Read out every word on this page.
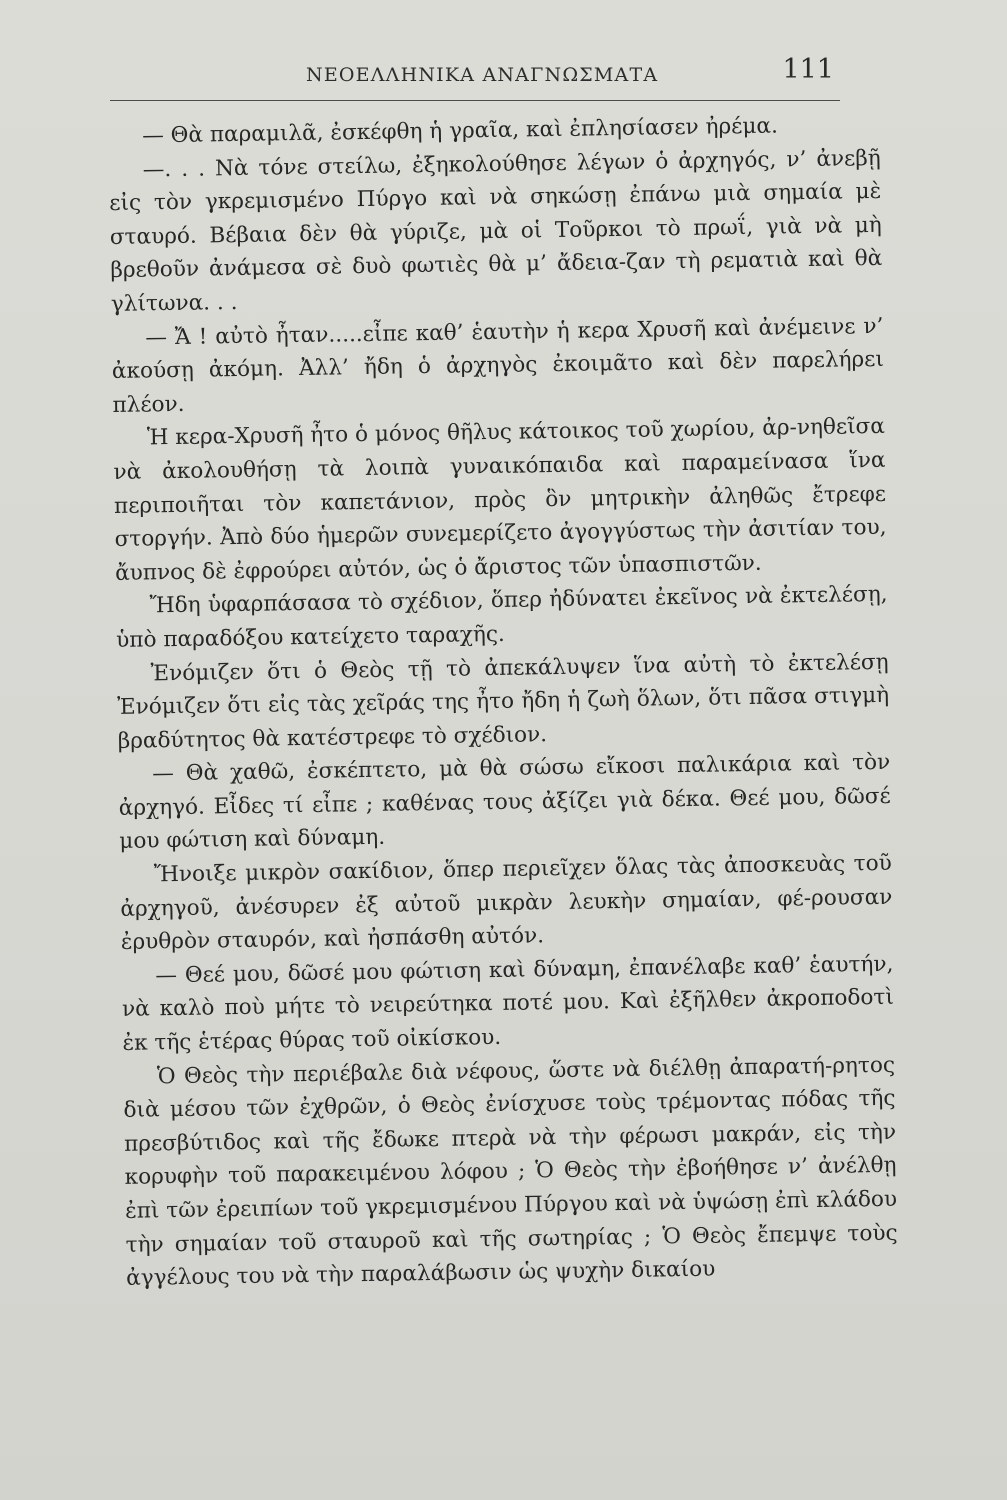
ΝΕΟΕΛΛΗΝΙΚΑ ΑΝΑΓΝΩΣΜΑΤΑ	111

— Θὰ παραμιλᾶ, ἐσκέφθη ἡ γραῖα, καὶ ἐπλησίασεν ἠρέμα.

—. . . Νὰ τόνε στείλω, ἐξηκολούθησε λέγων ὁ ἀρχηγός, ν’ ἀνεβῇ εἰς τὸν γκρεμισμένο Πύργο καὶ νὰ σηκώσῃ ἐπάνω μιὰ σημαία μὲ σταυρό. Βέβαια δὲν θὰ γύριζε, μὰ οἱ Τοῦρκοι τὸ πρωΐ, γιὰ νὰ μὴ βρεθοῦν ἀνάμεσα σὲ δυὸ φωτιὲς θὰ μ’ ἄδεια-ζαν τὴ ρεματιὰ καὶ θὰ γλίτωνα. . .

— Ἄ ! αὐτὸ ἦταν.....εἶπε καθ’ ἑαυτὴν ἡ κερα Χρυσῆ καὶ ἀνέμεινε ν’ ἀκούσῃ ἀκόμη. Ἀλλ’ ἤδη ὁ ἀρχηγὸς ἐκοιμᾶτο καὶ δὲν παρελήρει πλέον.

Ἡ κερα-Χρυσῆ ἦτο ὁ μόνος θῆλυς κάτοικος τοῦ χωρίου, ἀρ-νηθεῖσα νὰ ἀκολουθήσῃ τὰ λοιπὰ γυναικόπαιδα καὶ παραμείνασα ἵνα περιποιῆται τὸν καπετάνιον, πρὸς ὃν μητρικὴν ἀληθῶς ἔτρεφε στοργήν. Ἀπὸ δύο ἡμερῶν συνεμερίζετο ἀγογγύστως τὴν ἀσιτίαν του, ἄυπνος δὲ ἐφρούρει αὐτόν, ὡς ὁ ἄριστος τῶν ὑπασπιστῶν.

Ἤδη ὑφαρπάσασα τὸ σχέδιον, ὅπερ ἠδύνατει ἐκεῖνος νὰ ἐκτελέσῃ, ὑπὸ παραδόξου κατείχετο ταραχῆς.

Ἐνόμιζεν ὅτι ὁ Θεὸς τῇ τὸ ἀπεκάλυψεν ἵνα αὐτὴ τὸ ἐκτελέσῃ Ἐνόμιζεν ὅτι εἰς τὰς χεῖράς της ἦτο ἤδη ἡ ζωὴ ὅλων, ὅτι πᾶσα στιγμὴ βραδύτητος θὰ κατέστρεφε τὸ σχέδιον.

— Θὰ χαθῶ, ἐσκέπτετο, μὰ θὰ σώσω εἴκοσι παλικάρια καὶ τὸν ἀρχηγό. Εἶδες τί εἶπε ; καθένας τους ἀξίζει γιὰ δέκα. Θεέ μου, δῶσέ μου φώτιση καὶ δύναμη.

Ἤνοιξε μικρὸν σακίδιον, ὅπερ περιεῖχεν ὅλας τὰς ἀποσκευὰς τοῦ ἀρχηγοῦ, ἀνέσυρεν ἐξ αὐτοῦ μικρὰν λευκὴν σημαίαν, φέ-ρουσαν ἐρυθρὸν σταυρόν, καὶ ἠσπάσθη αὐτόν.

— Θεέ μου, δῶσέ μου φώτιση καὶ δύναμη, ἐπανέλαβε καθ’ ἑαυτήν, νὰ καλὸ ποὺ μήτε τὸ νειρεύτηκα ποτέ μου. Καὶ ἐξῆλθεν ἀκροποδοτὶ ἐκ τῆς ἑτέρας θύρας τοῦ οἰκίσκου.

Ὁ Θεὸς τὴν περιέβαλε διὰ νέφους, ὥστε νὰ διέλθῃ ἀπαρατή-ρητος διὰ μέσου τῶν ἐχθρῶν, ὁ Θεὸς ἐνίσχυσε τοὺς τρέμοντας πόδας τῆς πρεσβύτιδος καὶ τῆς ἔδωκε πτερὰ νὰ τὴν φέρωσι μακράν, εἰς τὴν κορυφὴν τοῦ παρακειμένου λόφου ; Ὁ Θεὸς τὴν ἐβοήθησε ν’ ἀνέλθῃ ἐπὶ τῶν ἐρειπίων τοῦ γκρεμισμένου Πύργου καὶ νὰ ὑψώσῃ ἐπὶ κλάδου τὴν σημαίαν τοῦ σταυροῦ καὶ τῆς σωτηρίας ; Ὁ Θεὸς ἔπεμψε τοὺς ἀγγέλους του νὰ τὴν παραλάβωσιν ὡς ψυχὴν δικαίου
